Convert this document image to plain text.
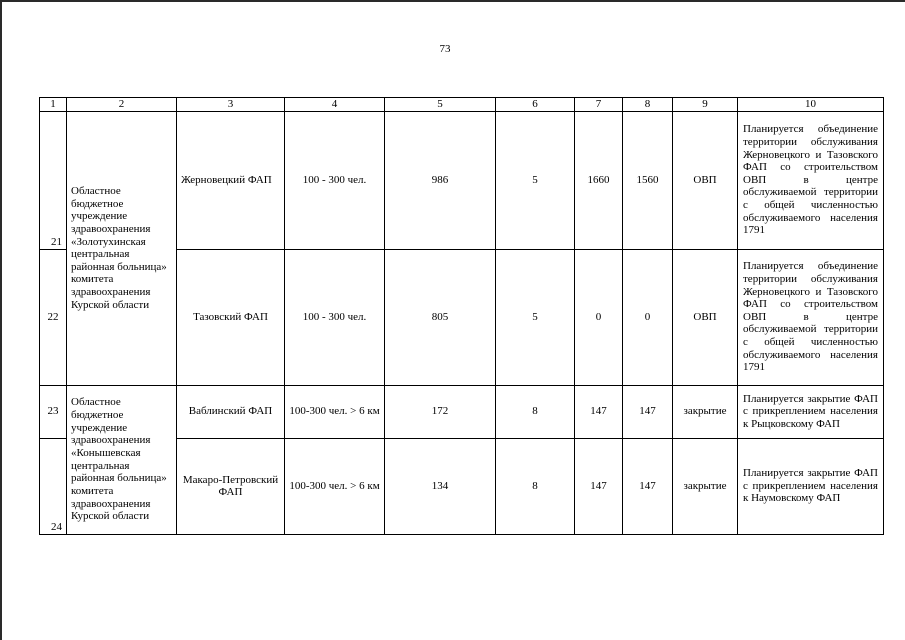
73
1	2	3	4	5	6	7	8	9	10
21	Областное бюджетное учреждение здравоохранения «Золотухинская центральная районная больница» комитета здравоохранения Курской области	Жерновецкий ФАП	100 - 300 чел.	986	5	1660	1560	ОВП	Планируется объединение территории обслуживания Жерновецкого и Тазовского ФАП со строительством ОВП в центре обслуживаемой территории с общей численностью обслуживаемого населения 1791
22		Тазовский ФАП	100 - 300 чел.	805	5	0	0	ОВП	Планируется объединение территории обслуживания Жерновецкого и Тазовского ФАП со строительством ОВП в центре обслуживаемой территории с общей численностью обслуживаемого населения 1791
23	Областное бюджетное учреждение здравоохранения «Конышевская центральная районная больница» комитета здравоохранения Курской области	Ваблинский ФАП	100-300 чел. > 6 км	172	8	147	147	закрытие	Планируется закрытие ФАП с прикреплением населения к Рыцковскому ФАП
24		Макаро-Петровский ФАП	100-300 чел. > 6 км	134	8	147	147	закрытие	Планируется закрытие ФАП с прикреплением населения к Наумовскому ФАП
